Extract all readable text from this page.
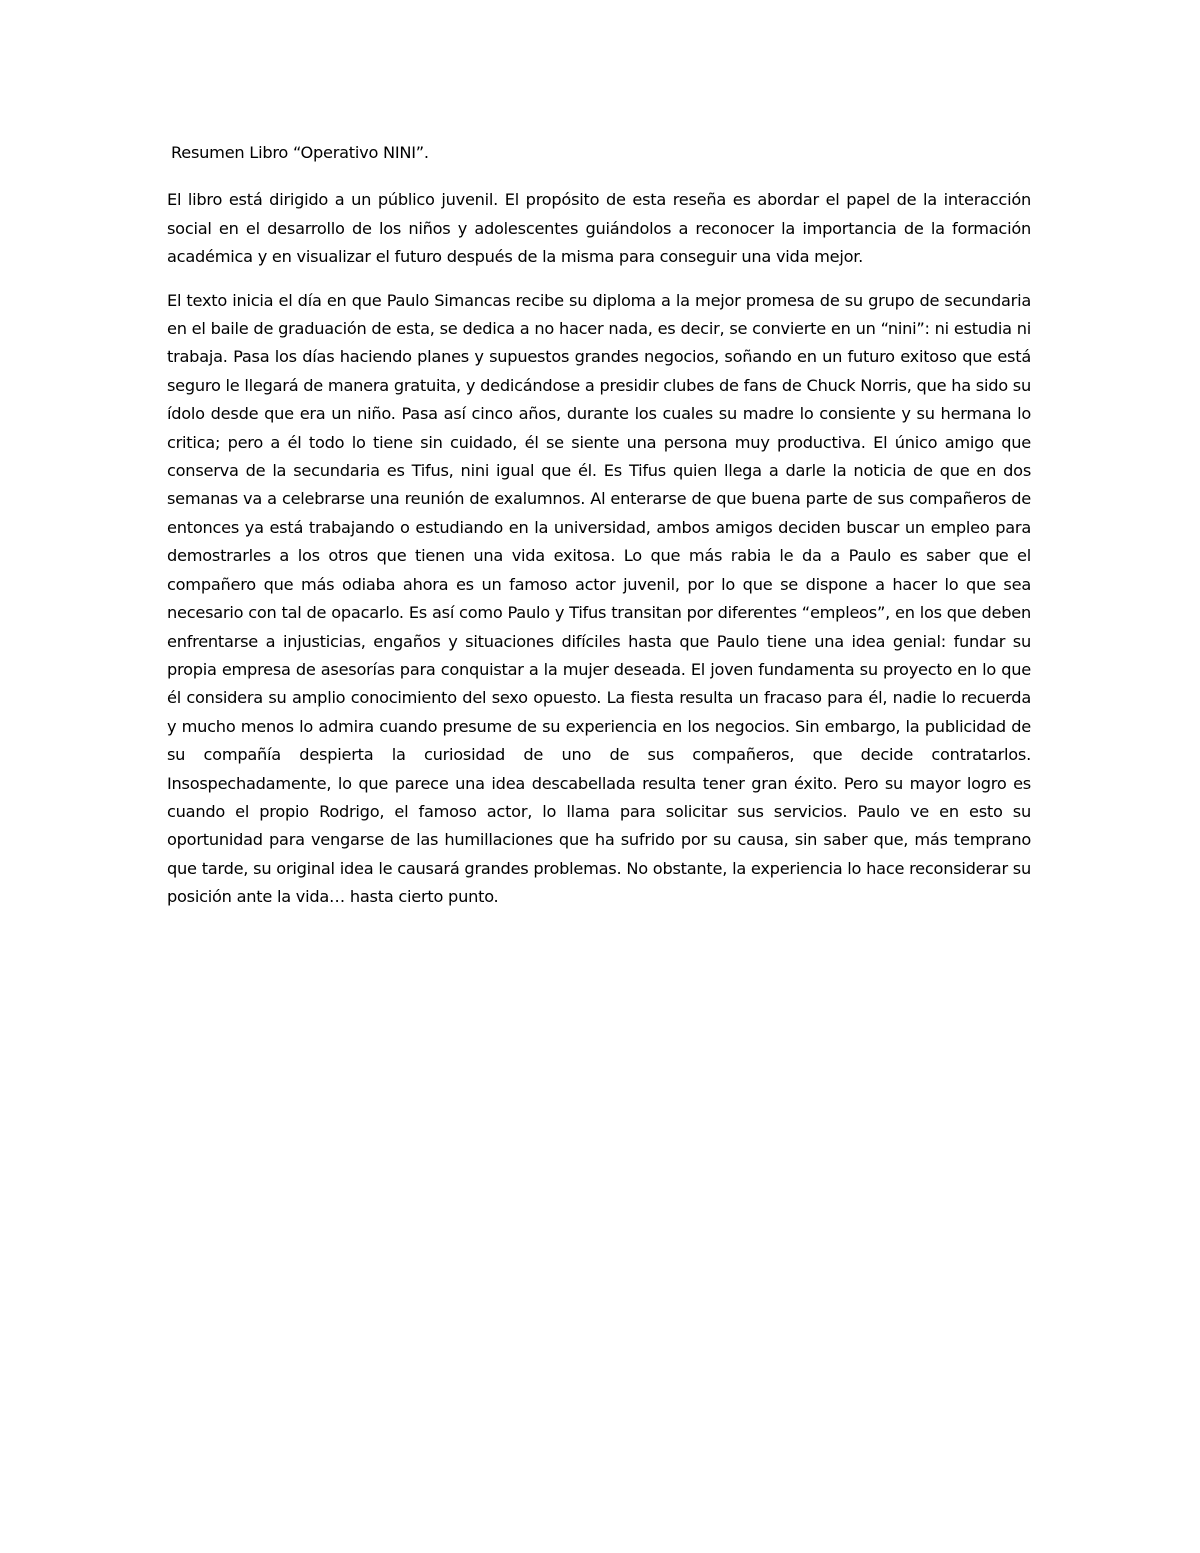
Resumen Libro “Operativo NINI”.

El libro está dirigido a un público juvenil. El propósito de esta reseña es abordar el papel de la interacción social en el desarrollo de los niños y adolescentes guiándolos a reconocer la importancia de la formación académica y en visualizar el futuro después de la misma para conseguir una vida mejor.

El texto inicia el día en que Paulo Simancas recibe su diploma a la mejor promesa de su grupo de secundaria en el baile de graduación de esta, se dedica a no hacer nada, es decir, se convierte en un “nini”: ni estudia ni trabaja. Pasa los días haciendo planes y supuestos grandes negocios, soñando en un futuro exitoso que está seguro le llegará de manera gratuita, y dedicándose a presidir clubes de fans de Chuck Norris, que ha sido su ídolo desde que era un niño. Pasa así cinco años, durante los cuales su madre lo consiente y su hermana lo critica; pero a él todo lo tiene sin cuidado, él se siente una persona muy productiva. El único amigo que conserva de la secundaria es Tifus, nini igual que él. Es Tifus quien llega a darle la noticia de que en dos semanas va a celebrarse una reunión de exalumnos. Al enterarse de que buena parte de sus compañeros de entonces ya está trabajando o estudiando en la universidad, ambos amigos deciden buscar un empleo para demostrarles a los otros que tienen una vida exitosa. Lo que más rabia le da a Paulo es saber que el compañero que más odiaba ahora es un famoso actor juvenil, por lo que se dispone a hacer lo que sea necesario con tal de opacarlo. Es así como Paulo y Tifus transitan por diferentes “empleos”, en los que deben enfrentarse a injusticias, engaños y situaciones difíciles hasta que Paulo tiene una idea genial: fundar su propia empresa de asesorías para conquistar a la mujer deseada. El joven fundamenta su proyecto en lo que él considera su amplio conocimiento del sexo opuesto. La fiesta resulta un fracaso para él, nadie lo recuerda y mucho menos lo admira cuando presume de su experiencia en los negocios. Sin embargo, la publicidad de su compañía despierta la curiosidad de uno de sus compañeros, que decide contratarlos. Insospechadamente, lo que parece una idea descabellada resulta tener gran éxito. Pero su mayor logro es cuando el propio Rodrigo, el famoso actor, lo llama para solicitar sus servicios. Paulo ve en esto su oportunidad para vengarse de las humillaciones que ha sufrido por su causa, sin saber que, más temprano que tarde, su original idea le causará grandes problemas. No obstante, la experiencia lo hace reconsiderar su posición ante la vida… hasta cierto punto.
